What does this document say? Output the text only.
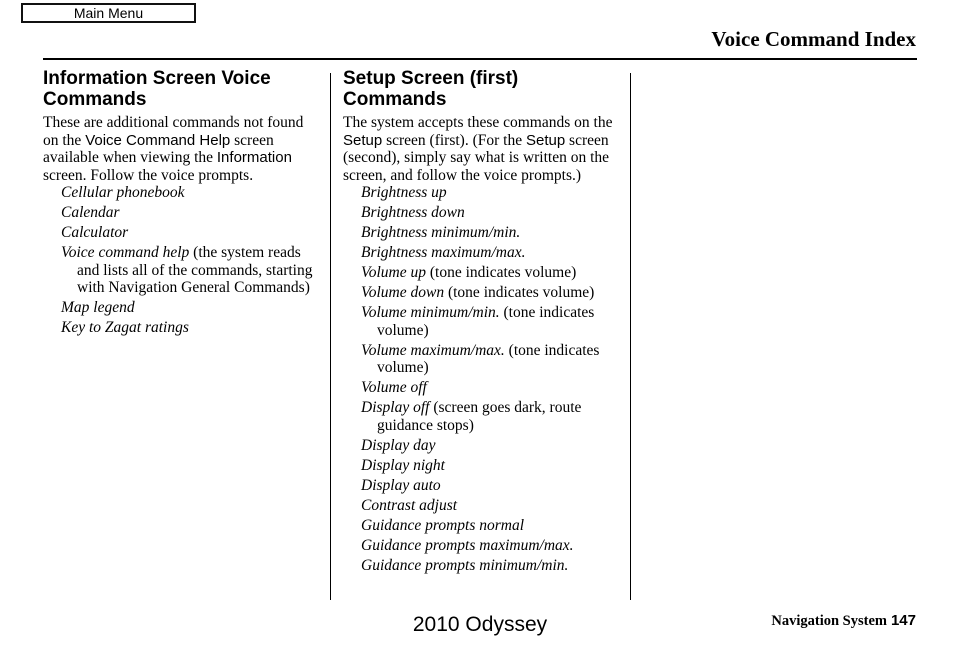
Main Menu
Voice Command Index
Information Screen Voice Commands

These are additional commands not found on the Voice Command Help screen available when viewing the Information screen. Follow the voice prompts.

Cellular phonebook
Calendar
Calculator
Voice command help (the system reads and lists all of the commands, starting with Navigation General Commands)
Map legend
Key to Zagat ratings
Setup Screen (first) Commands

The system accepts these commands on the Setup screen (first). (For the Setup screen (second), simply say what is written on the screen, and follow the voice prompts.)

Brightness up
Brightness down
Brightness minimum/min.
Brightness maximum/max.
Volume up (tone indicates volume)
Volume down (tone indicates volume)
Volume minimum/min. (tone indicates volume)
Volume maximum/max. (tone indicates volume)
Volume off
Display off (screen goes dark, route guidance stops)
Display day
Display night
Display auto
Contrast adjust
Guidance prompts normal
Guidance prompts maximum/max.
Guidance prompts minimum/min.
2010 Odyssey	Navigation System 147
